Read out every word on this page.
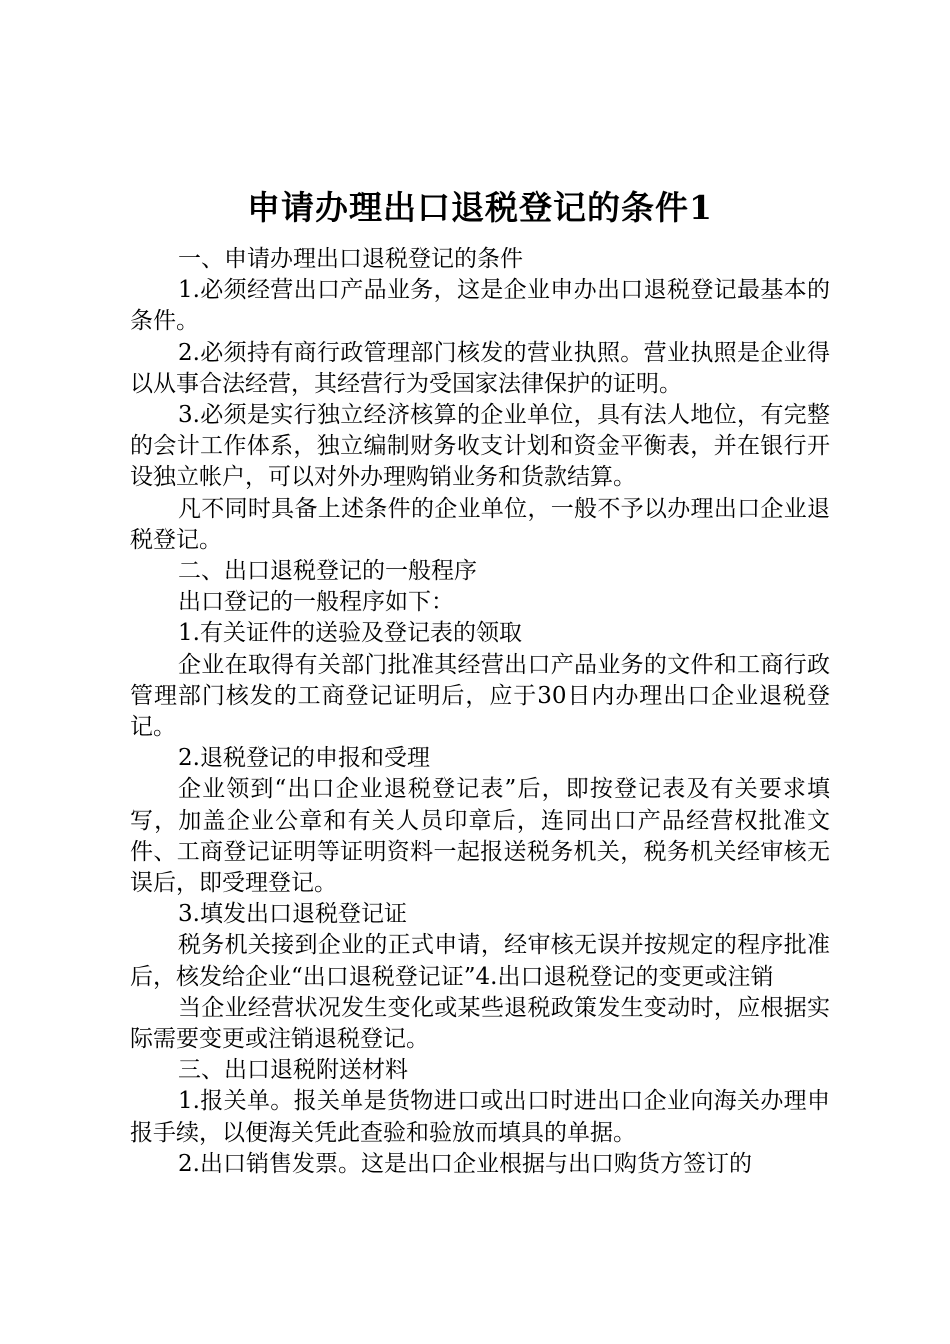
申请办理出口退税登记的条件1

一、申请办理出口退税登记的条件

1.必须经营出口产品业务，这是企业申办出口退税登记最基本的条件。

2.必须持有商行政管理部门核发的营业执照。营业执照是企业得以从事合法经营，其经营行为受国家法律保护的证明。

3.必须是实行独立经济核算的企业单位，具有法人地位，有完整的会计工作体系，独立编制财务收支计划和资金平衡表，并在银行开设独立帐户，可以对外办理购销业务和货款结算。

凡不同时具备上述条件的企业单位，一般不予以办理出口企业退税登记。

二、出口退税登记的一般程序

出口登记的一般程序如下：

1.有关证件的送验及登记表的领取

企业在取得有关部门批准其经营出口产品业务的文件和工商行政管理部门核发的工商登记证明后，应于30日内办理出口企业退税登记。

2.退税登记的申报和受理

企业领到“出口企业退税登记表”后，即按登记表及有关要求填写，加盖企业公章和有关人员印章后，连同出口产品经营权批准文件、工商登记证明等证明资料一起报送税务机关，税务机关经审核无误后，即受理登记。

3.填发出口退税登记证

税务机关接到企业的正式申请，经审核无误并按规定的程序批准后，核发给企业“出口退税登记证”4.出口退税登记的变更或注销

当企业经营状况发生变化或某些退税政策发生变动时，应根据实际需要变更或注销退税登记。

三、出口退税附送材料

1.报关单。报关单是货物进口或出口时进出口企业向海关办理申报手续，以便海关凭此查验和验放而填具的单据。

2.出口销售发票。这是出口企业根据与出口购货方签订的
